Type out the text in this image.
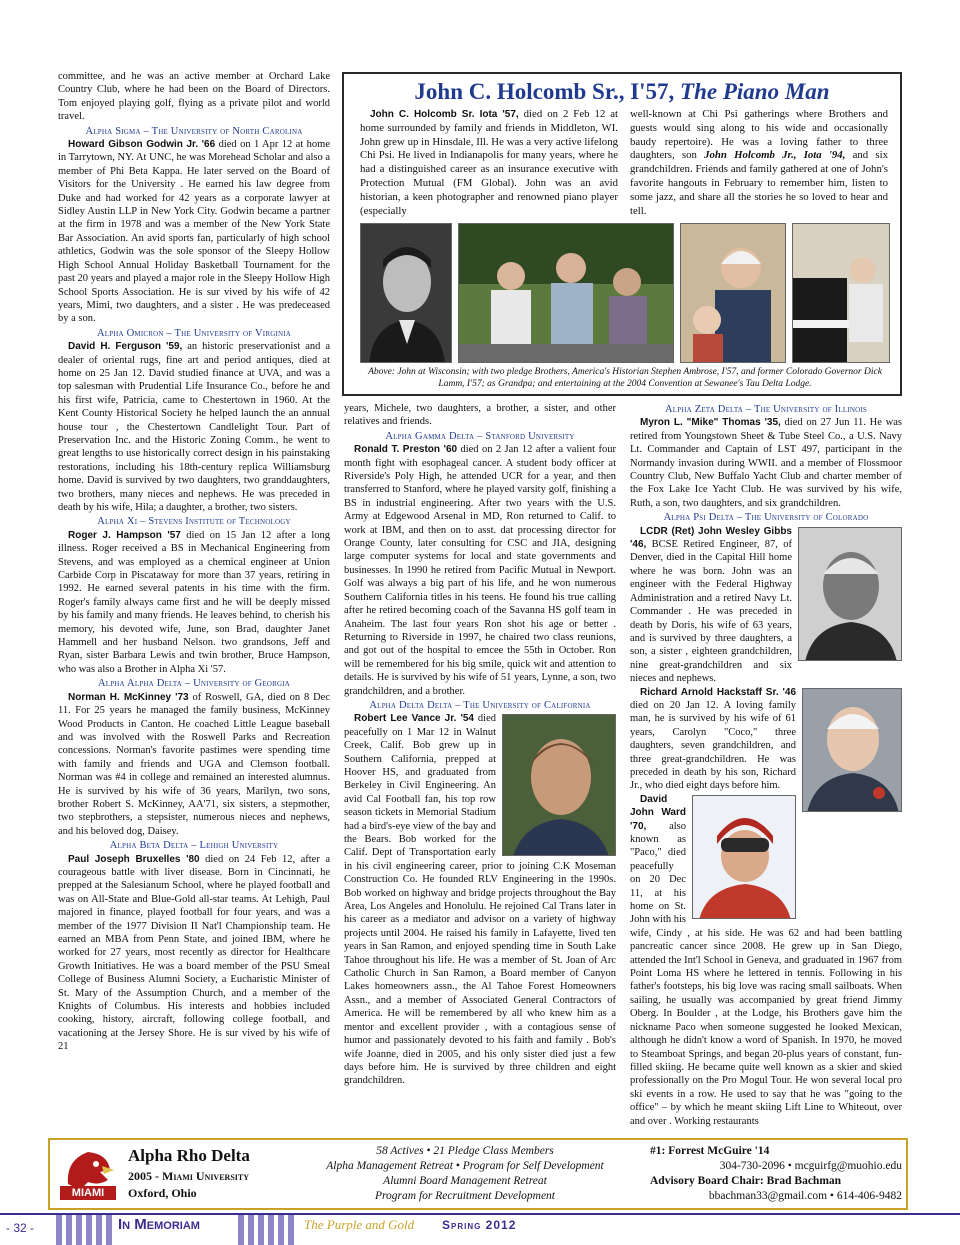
committee, and he was an active member at Orchard Lake Country Club, where he had been on the Board of Directors. Tom enjoyed playing golf, flying as a private pilot and world travel.

Alpha Sigma – The University of North Carolina

Howard Gibson Godwin Jr. '66 died on 1 Apr 12 at home in Tarrytown, NY. At UNC, he was Morehead Scholar and also a member of Phi Beta Kappa. He later served on the Board of Visitors for the University . He earned his law degree from Duke and had worked for 42 years as a corporate lawyer at Sidley Austin LLP in New York City. Godwin became a partner at the firm in 1978 and was a member of the New York State Bar Association. An avid sports fan, particularly of high school athletics, Godwin was the sole sponsor of the Sleepy Hollow High School Annual Holiday Basketball Tournament for the past 20 years and played a major role in the Sleepy Hollow High School Sports Association. He is sur vived by his wife of 42 years, Mimi, two daughters, and a sister . He was predeceased by a son.

Alpha Omicron – The University of Virginia

David H. Ferguson '59, an historic preservationist and a dealer of oriental rugs, fine art and period antiques, died at home on 25 Jan 12. David studied finance at UVA, and was a top salesman with Prudential Life Insurance Co., before he and his first wife, Patricia, came to Chestertown in 1960. At the Kent County Historical Society he helped launch the an annual house tour , the Chestertown Candlelight Tour. Part of Preservation Inc. and the Historic Zoning Comm., he went to great lengths to use historically correct design in his painstaking restorations, including his 18th-century replica Williamsburg home. David is survived by two daughters, two granddaughters, two brothers, many nieces and nephews. He was preceded in death by his wife, Hila; a daughter, a brother, two sisters.

Alpha Xi – Stevens Institute of Technology

Roger J. Hampson '57 died on 15 Jan 12 after a long illness. Roger received a BS in Mechanical Engineering from Stevens, and was employed as a chemical engineer at Union Carbide Corp in Piscataway for more than 37 years, retiring in 1992. He earned several patents in his time with the firm. Roger's family always came first and he will be deeply missed by his family and many friends. He leaves behind, to cherish his memory, his devoted wife, June, son Brad, daughter Janet Hammell and her husband Nelson. two grandsons, Jeff and Ryan, sister Barbara Lewis and twin brother, Bruce Hampson, who was also a Brother in Alpha Xi '57.

Alpha Alpha Delta – University of Georgia

Norman H. McKinney '73 of Roswell, GA, died on 8 Dec 11. For 25 years he managed the family business, McKinney Wood Products in Canton. He coached Little League baseball and was involved with the Roswell Parks and Recreation concessions. Norman's favorite pastimes were spending time with family and friends and UGA and Clemson football. Norman was #4 in college and remained an interested alumnus. He is survived by his wife of 36 years, Marilyn, two sons, brother Robert S. McKinney, AA'71, six sisters, a stepmother, two stepbrothers, a stepsister, numerous nieces and nephews, and his beloved dog, Daisey.

Alpha Beta Delta – Lehigh University

Paul Joseph Bruxelles '80 died on 24 Feb 12, after a courageous battle with liver disease. Born in Cincinnati, he prepped at the Salesianum School, where he played football and was on All-State and Blue-Gold all-star teams. At Lehigh, Paul majored in finance, played football for four years, and was a member of the 1977 Division II Nat'l Championship team. He earned an MBA from Penn State, and joined IBM, where he worked for 27 years, most recently as director for Healthcare Growth Initiatives. He was a board member of the PSU Smeal College of Business Alumni Society, a Eucharistic Minister of St. Mary of the Assumption Church, and a member of the Knights of Columbus. His interests and hobbies included cooking, history, aircraft, following college football, and vacationing at the Jersey Shore. He is sur vived by his wife of 21

John C. Holcomb Sr., I'57, The Piano Man

John C. Holcomb Sr. Iota '57, died on 2 Feb 12 at home surrounded by family and friends in Middleton, WI. John grew up in Hinsdale, Ill. He was a very active lifelong Chi Psi. He lived in Indianapolis for many years, where he had a distinguished career as an insurance executive with Protection Mutual (FM Global). John was an avid historian, a keen photographer and renowned piano player (especially

well-known at Chi Psi gatherings where Brothers and guests would sing along to his wide and occasionally baudy repertoire). He was a loving father to three daughters, son John Holcomb Jr., Iota '94, and six grandchildren. Friends and family gathered at one of John's favorite hangouts in February to remember him, listen to some jazz, and share all the stories he so loved to hear and tell.

Above: John at Wisconsin; with two pledge Brothers, America's Historian Stephen Ambrose, I'57, and former Colorado Governor Dick Lamm, I'57; as Grandpa; and entertaining at the 2004 Convention at Sewanee's Tau Delta Lodge.

years, Michele, two daughters, a brother, a sister, and other relatives and friends.

Alpha Gamma Delta – Stanford University

Ronald T. Preston '60 died on 2 Jan 12 after a valient four month fight with esophageal cancer. A student body officer at Riverside's Poly High, he attended UCR for a year, and then transferred to Stanford, where he played varsity golf, finishing a BS in industrial engineering. After two years with the U.S. Army at Edgewood Arsenal in MD, Ron returned to Calif. to work at IBM, and then on to asst. dat processing director for Orange County, later consulting for CSC and JIA, designing large computer systems for local and state governments and businesses. In 1990 he retired from Pacific Mutual in Newport. Golf was always a big part of his life, and he won numerous Southern California titles in his teens. He found his true calling after he retired becoming coach of the Savanna HS golf team in Anaheim. The last four years Ron shot his age or better . Returning to Riverside in 1997, he chaired two class reunions, and got out of the hospital to emcee the 55th in October. Ron will be remembered for his big smile, quick wit and attention to details. He is survived by his wife of 51 years, Lynne, a son, two grandchildren, and a brother.

Alpha Delta Delta – The University of California

Robert Lee Vance Jr. '54 died peacefully on 1 Mar 12 in Walnut Creek, Calif. Bob grew up in Southern California, prepped at Hoover HS, and graduated from Berkeley in Civil Engineering. An avid Cal Football fan, his top row season tickets in Memorial Stadium had a bird's-eye view of the bay and the Bears. Bob worked for the Calif. Dept of Transportation early in his civil engineering career, prior to joining C.K Moseman Construction Co. He founded RLV Engineering in the 1990s. Bob worked on highway and bridge projects throughout the Bay Area, Los Angeles and Honolulu. He rejoined Cal Trans later in his career as a mediator and advisor on a variety of highway projects until 2004. He raised his family in Lafayette, lived ten years in San Ramon, and enjoyed spending time in South Lake Tahoe throughout his life. He was a member of St. Joan of Arc Catholic Church in San Ramon, a Board member of Canyon Lakes homeowners assn., the Al Tahoe Forest Homeowners Assn., and a member of Associated General Contractors of America. He will be remembered by all who knew him as a mentor and excellent provider , with a contagious sense of humor and passionately devoted to his faith and family . Bob's wife Joanne, died in 2005, and his only sister died just a few days before him. He is survived by three children and eight grandchildren.

Alpha Zeta Delta – The University of Illinois

Myron L. "Mike" Thomas '35, died on 27 Jun 11. He was retired from Youngstown Sheet & Tube Steel Co., a U.S. Navy Lt. Commander and Captain of LST 497, participant in the Normandy invasion during WWII. and a member of Flossmoor Country Club, New Buffalo Yacht Club and charter member of the Fox Lake Ice Yacht Club. He was survived by his wife, Ruth, a son, two daughters, and six grandchildren.

Alpha Psi Delta – The University of Colorado

LCDR (Ret) John Wesley Gibbs '46, BCSE Retired Engineer, 87, of Denver, died in the Capital Hill home where he was born. John was an engineer with the Federal Highway Administration and a retired Navy Lt. Commander . He was preceded in death by Doris, his wife of 63 years, and is survived by three daughters, a son, a sister , eighteen grandchildren, nine great-grandchildren and six nieces and nephews.

Richard Arnold Hackstaff Sr. '46 died on 20 Jan 12. A loving family man, he is survived by his wife of 61 years, Carolyn "Coco," three daughters, seven grandchildren, and three great-grandchildren. He was preceded in death by his son, Richard Jr., who died eight days before him.

David John Ward '70, also known as "Paco," died peacefully on 20 Dec 11, at his home on St. John with his wife, Cindy , at his side. He was 62 and had been battling pancreatic cancer since 2008. He grew up in San Diego, attended the Int'l School in Geneva, and graduated in 1967 from Point Loma HS where he lettered in tennis. Following in his father's footsteps, his big love was racing small sailboats. When sailing, he usually was accompanied by great friend Jimmy Oberg. In Boulder , at the Lodge, his Brothers gave him the nickname Paco when someone suggested he looked Mexican, although he didn't know a word of Spanish. In 1970, he moved to Steamboat Springs, and began 20-plus years of constant, fun-filled skiing. He became quite well known as a skier and skied professionally on the Pro Mogul Tour. He won several local pro ski events in a row. He used to say that he was "going to the office" – by which he meant skiing Lift Line to Whiteout, over and over . Working restaurants

MIAMI
Alpha Rho Delta
2005 - Miami University
Oxford, Ohio
58 Actives • 21 Pledge Class Members
Alpha Management Retreat • Program for Self Development
Alumni Board Management Retreat
Program for Recruitment Development
#1: Forrest McGuire '14
304-730-2096 • mcguirfg@muohio.edu
Advisory Board Chair: Brad Bachman
bbachman33@gmail.com • 614-406-9482
- 32 -	In Memoriam	The Purple and Gold Spring 2012
